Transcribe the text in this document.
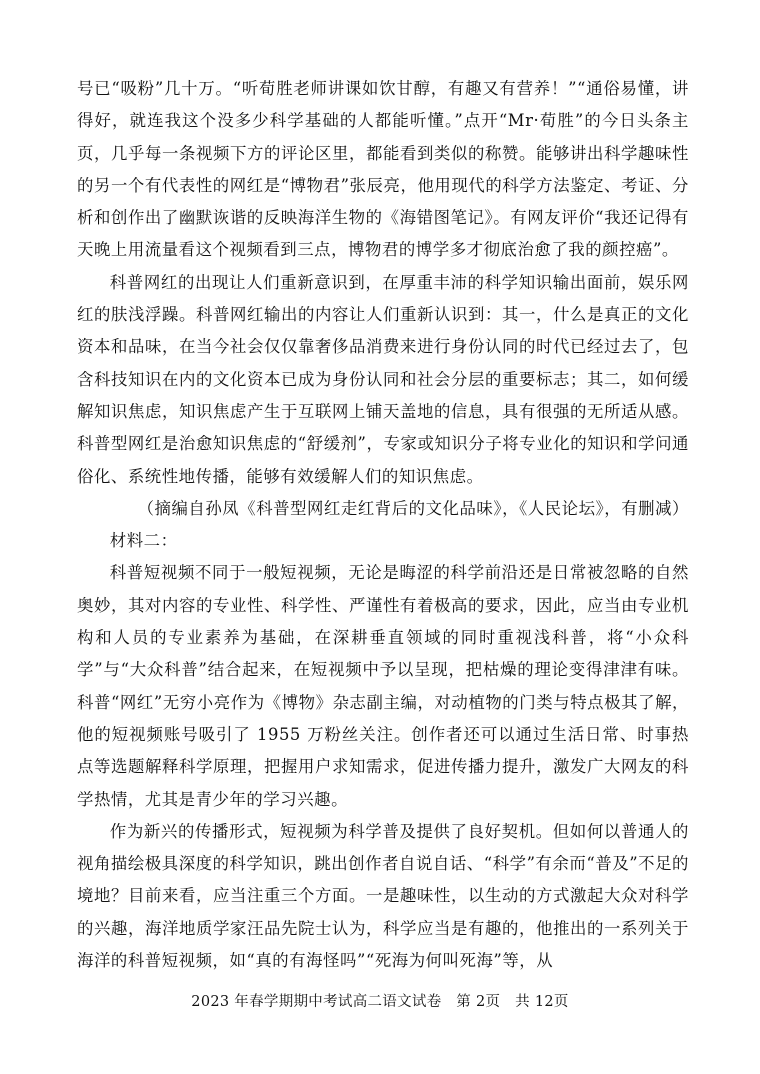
号已“吸粉”几十万。“听荀胜老师讲课如饮甘醇，有趣又有营养！”“通俗易懂，讲得好，就连我这个没多少科学基础的人都能听懂。”点开“Mr·荀胜”的今日头条主页，几乎每一条视频下方的评论区里，都能看到类似的称赞。能够讲出科学趣味性的另一个有代表性的网红是“博物君”张辰亮，他用现代的科学方法鉴定、考证、分析和创作出了幽默诙谐的反映海洋生物的《海错图笔记》。有网友评价“我还记得有天晚上用流量看这个视频看到三点，博物君的博学多才彻底治愈了我的颜控癌”。

科普网红的出现让人们重新意识到，在厚重丰沛的科学知识输出面前，娱乐网红的肤浅浮躁。科普网红输出的内容让人们重新认识到：其一，什么是真正的文化资本和品味，在当今社会仅仅靠奢侈品消费来进行身份认同的时代已经过去了，包含科技知识在内的文化资本已成为身份认同和社会分层的重要标志；其二，如何缓解知识焦虑，知识焦虑产生于互联网上铺天盖地的信息，具有很强的无所适从感。科普型网红是治愈知识焦虑的“舒缓剂”，专家或知识分子将专业化的知识和学问通俗化、系统性地传播，能够有效缓解人们的知识焦虑。

（摘编自孙凤《科普型网红走红背后的文化品味》，《人民论坛》，有删减）

材料二：

科普短视频不同于一般短视频，无论是晦涩的科学前沿还是日常被忽略的自然奥妙，其对内容的专业性、科学性、严谨性有着极高的要求，因此，应当由专业机构和人员的专业素养为基础，在深耕垂直领域的同时重视浅科普，将“小众科学”与“大众科普”结合起来，在短视频中予以呈现，把枯燥的理论变得津津有味。科普“网红”无穷小亮作为《博物》杂志副主编，对动植物的门类与特点极其了解，他的短视频账号吸引了 1955 万粉丝关注。创作者还可以通过生活日常、时事热点等选题解释科学原理，把握用户求知需求，促进传播力提升，激发广大网友的科学热情，尤其是青少年的学习兴趣。

作为新兴的传播形式，短视频为科学普及提供了良好契机。但如何以普通人的视角描绘极具深度的科学知识，跳出创作者自说自话、“科学”有余而“普及”不足的境地？目前来看，应当注重三个方面。一是趣味性，以生动的方式激起大众对科学的兴趣，海洋地质学家汪品先院士认为，科学应当是有趣的，他推出的一系列关于海洋的科普短视频，如“真的有海怪吗”“死海为何叫死海”等，从

2023 年春学期期中考试高二语文试卷　第 2页　共 12页
